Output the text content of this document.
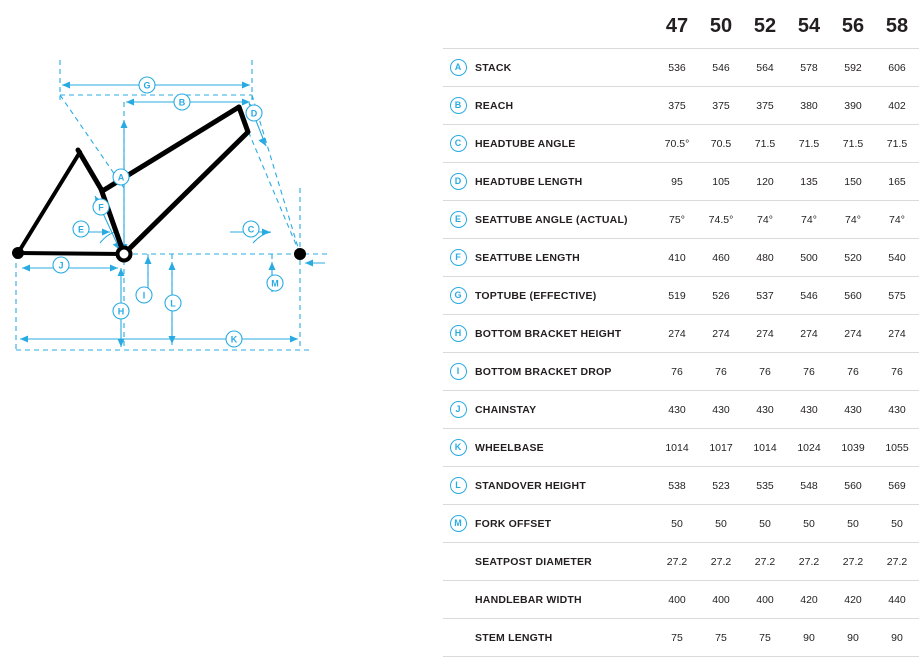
A
B
C
D
E
F
G
H
I
J
K
L
M
		47	50	52	54	56	58
A	STACK	536	546	564	578	592	606
B	REACH	375	375	375	380	390	402
C	HEADTUBE ANGLE	70.5°	70.5	71.5	71.5	71.5	71.5
D	HEADTUBE LENGTH	95	105	120	135	150	165
E	SEATTUBE ANGLE (ACTUAL)	75°	74.5°	74°	74°	74°	74°
F	SEATTUBE LENGTH	410	460	480	500	520	540
G	TOPTUBE (EFFECTIVE)	519	526	537	546	560	575
H	BOTTOM BRACKET HEIGHT	274	274	274	274	274	274
I	BOTTOM BRACKET DROP	76	76	76	76	76	76
J	CHAINSTAY	430	430	430	430	430	430
K	WHEELBASE	1014	1017	1014	1024	1039	1055
L	STANDOVER HEIGHT	538	523	535	548	560	569
M	FORK OFFSET	50	50	50	50	50	50
	SEATPOST DIAMETER	27.2	27.2	27.2	27.2	27.2	27.2
	HANDLEBAR WIDTH	400	400	400	420	420	440
	STEM LENGTH	75	75	75	90	90	90
